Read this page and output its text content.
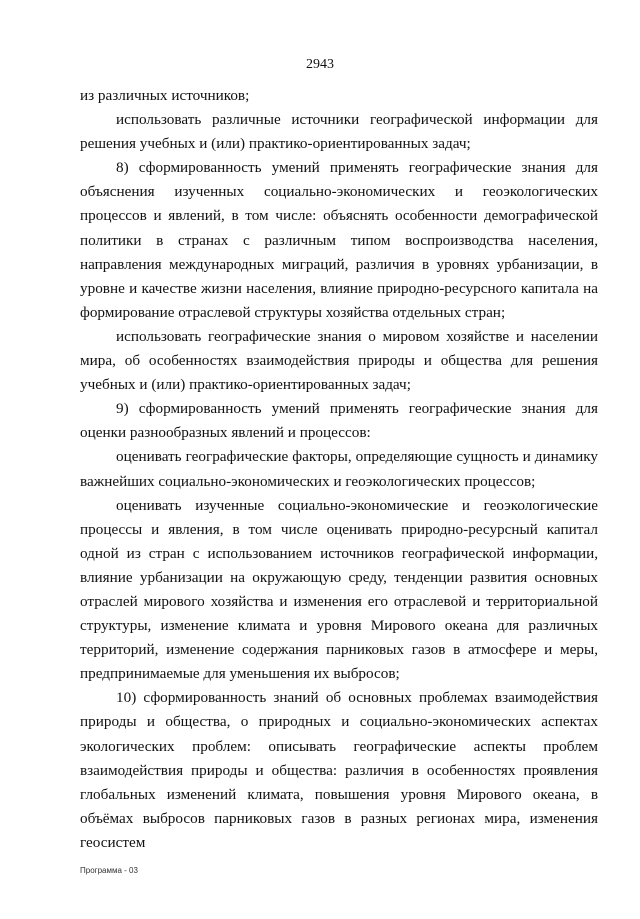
2943

из различных источников;

использовать различные источники географической информации для решения учебных и (или) практико-ориентированных задач;

8) сформированность умений применять географические знания для объяснения изученных социально-экономических и геоэкологических процессов и явлений, в том числе: объяснять особенности демографической политики в странах с различным типом воспроизводства населения, направления международных миграций, различия в уровнях урбанизации, в уровне и качестве жизни населения, влияние природно-ресурсного капитала на формирование отраслевой структуры хозяйства отдельных стран;

использовать географические знания о мировом хозяйстве и населении мира, об особенностях взаимодействия природы и общества для решения учебных и (или) практико-ориентированных задач;

9) сформированность умений применять географические знания для оценки разнообразных явлений и процессов:

оценивать географические факторы, определяющие сущность и динамику важнейших социально-экономических и геоэкологических процессов;

оценивать изученные социально-экономические и геоэкологические процессы и явления, в том числе оценивать природно-ресурсный капитал одной из стран с использованием источников географической информации, влияние урбанизации на окружающую среду, тенденции развития основных отраслей мирового хозяйства и изменения его отраслевой и территориальной структуры, изменение климата и уровня Мирового океана для различных территорий, изменение содержания парниковых газов в атмосфере и меры, предпринимаемые для уменьшения их выбросов;

10) сформированность знаний об основных проблемах взаимодействия природы и общества, о природных и социально-экономических аспектах экологических проблем: описывать географические аспекты проблем взаимодействия природы и общества: различия в особенностях проявления глобальных изменений климата, повышения уровня Мирового океана, в объёмах выбросов парниковых газов в разных регионах мира, изменения геосистем

Программа - 03
